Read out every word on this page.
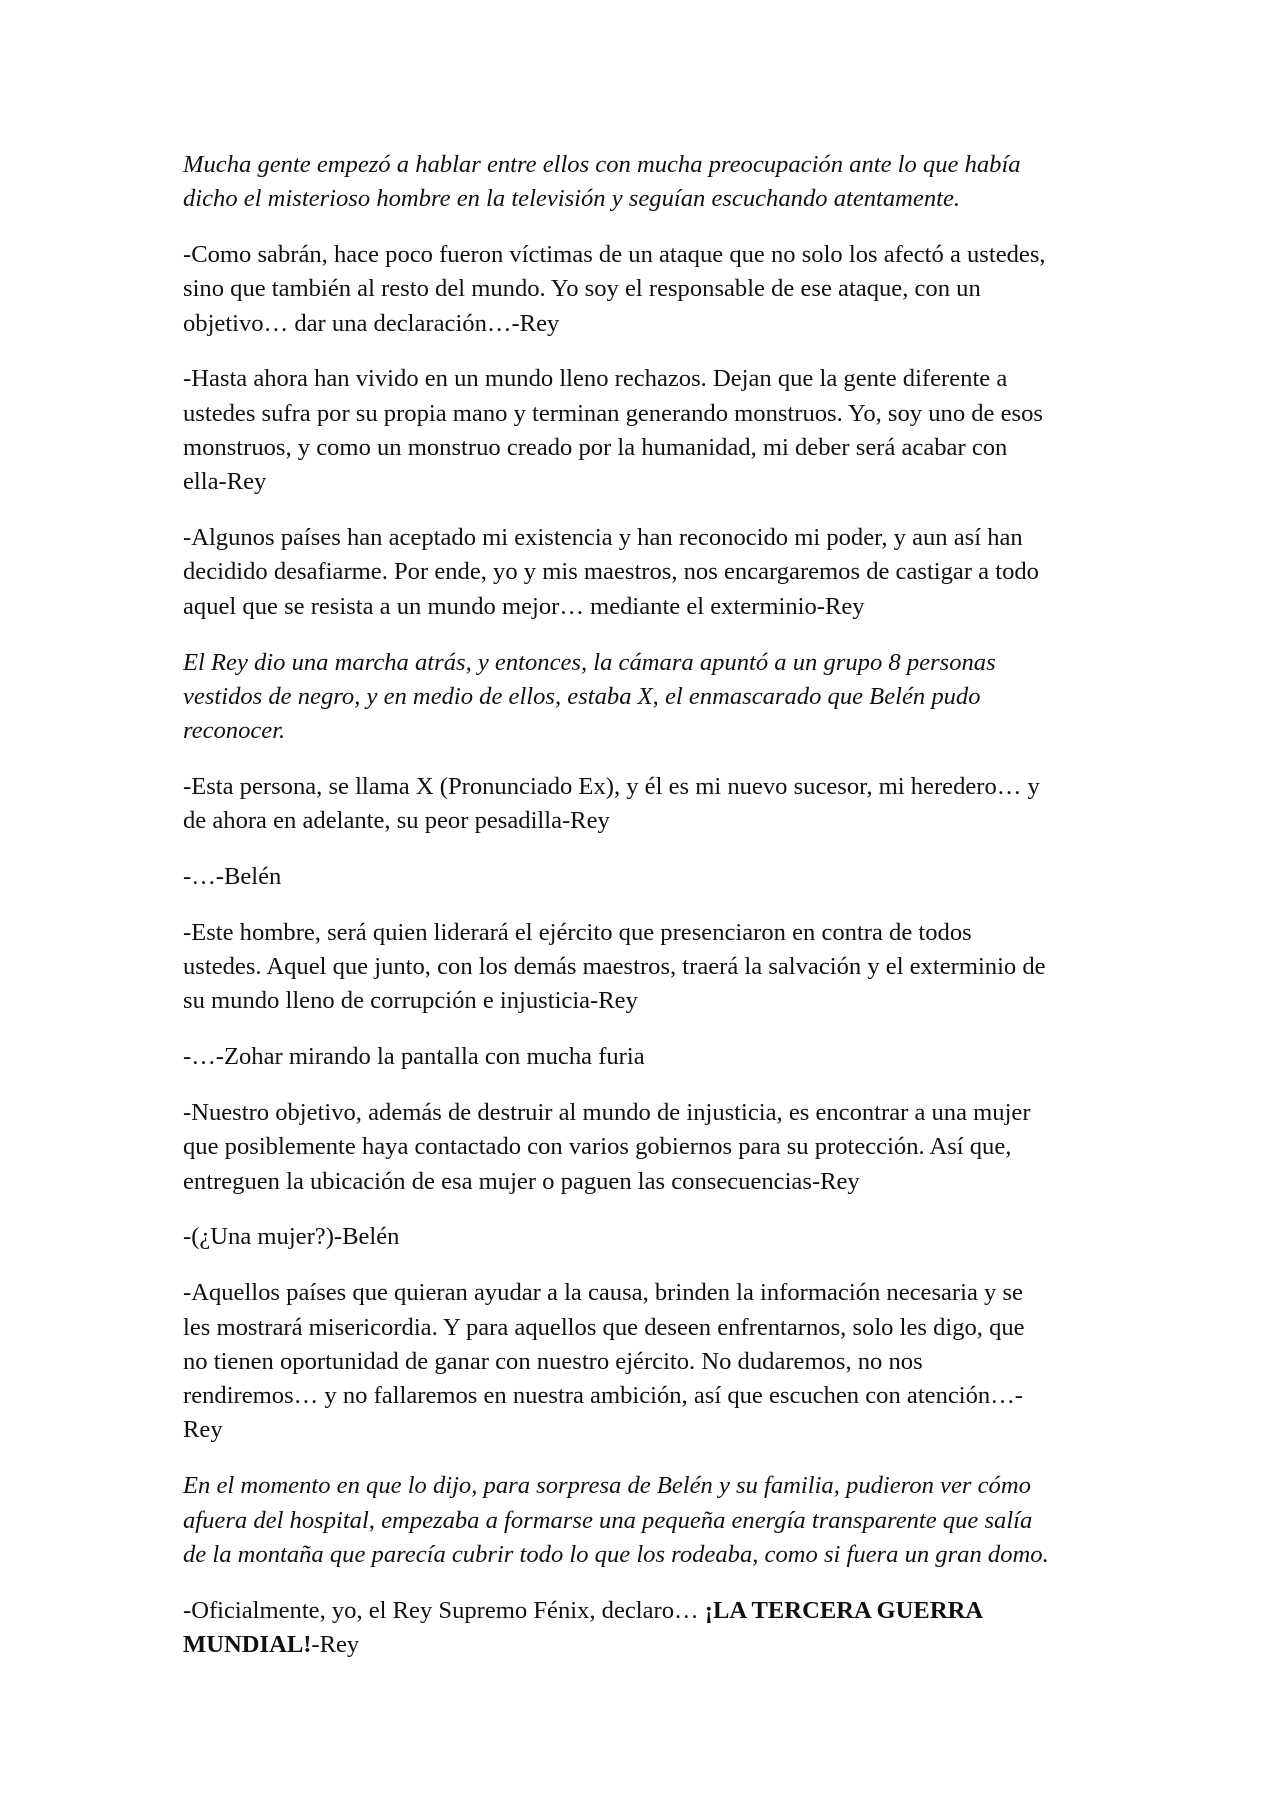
Mucha gente empezó a hablar entre ellos con mucha preocupación ante lo que había
dicho el misterioso hombre en la televisión y seguían escuchando atentamente.

-Como sabrán, hace poco fueron víctimas de un ataque que no solo los afectó a ustedes,
sino que también al resto del mundo. Yo soy el responsable de ese ataque, con un
objetivo… dar una declaración…-Rey

-Hasta ahora han vivido en un mundo lleno rechazos. Dejan que la gente diferente a
ustedes sufra por su propia mano y terminan generando monstruos. Yo, soy uno de esos
monstruos, y como un monstruo creado por la humanidad, mi deber será acabar con
ella-Rey

-Algunos países han aceptado mi existencia y han reconocido mi poder, y aun así han
decidido desafiarme. Por ende, yo y mis maestros, nos encargaremos de castigar a todo
aquel que se resista a un mundo mejor… mediante el exterminio-Rey

El Rey dio una marcha atrás, y entonces, la cámara apuntó a un grupo 8 personas
vestidos de negro, y en medio de ellos, estaba X, el enmascarado que Belén pudo
reconocer.

-Esta persona, se llama X (Pronunciado Ex), y él es mi nuevo sucesor, mi heredero… y
de ahora en adelante, su peor pesadilla-Rey

-…-Belén

-Este hombre, será quien liderará el ejército que presenciaron en contra de todos
ustedes. Aquel que junto, con los demás maestros, traerá la salvación y el exterminio de
su mundo lleno de corrupción e injusticia-Rey

-…-Zohar mirando la pantalla con mucha furia

-Nuestro objetivo, además de destruir al mundo de injusticia, es encontrar a una mujer
que posiblemente haya contactado con varios gobiernos para su protección. Así que,
entreguen la ubicación de esa mujer o paguen las consecuencias-Rey

-(¿Una mujer?)-Belén

-Aquellos países que quieran ayudar a la causa, brinden la información necesaria y se
les mostrará misericordia. Y para aquellos que deseen enfrentarnos, solo les digo, que
no tienen oportunidad de ganar con nuestro ejército. No dudaremos, no nos
rendiremos… y no fallaremos en nuestra ambición, así que escuchen con atención…-
Rey

En el momento en que lo dijo, para sorpresa de Belén y su familia, pudieron ver cómo
afuera del hospital, empezaba a formarse una pequeña energía transparente que salía
de la montaña que parecía cubrir todo lo que los rodeaba, como si fuera un gran domo.

-Oficialmente, yo, el Rey Supremo Fénix, declaro… ¡LA TERCERA GUERRA
MUNDIAL!-Rey
